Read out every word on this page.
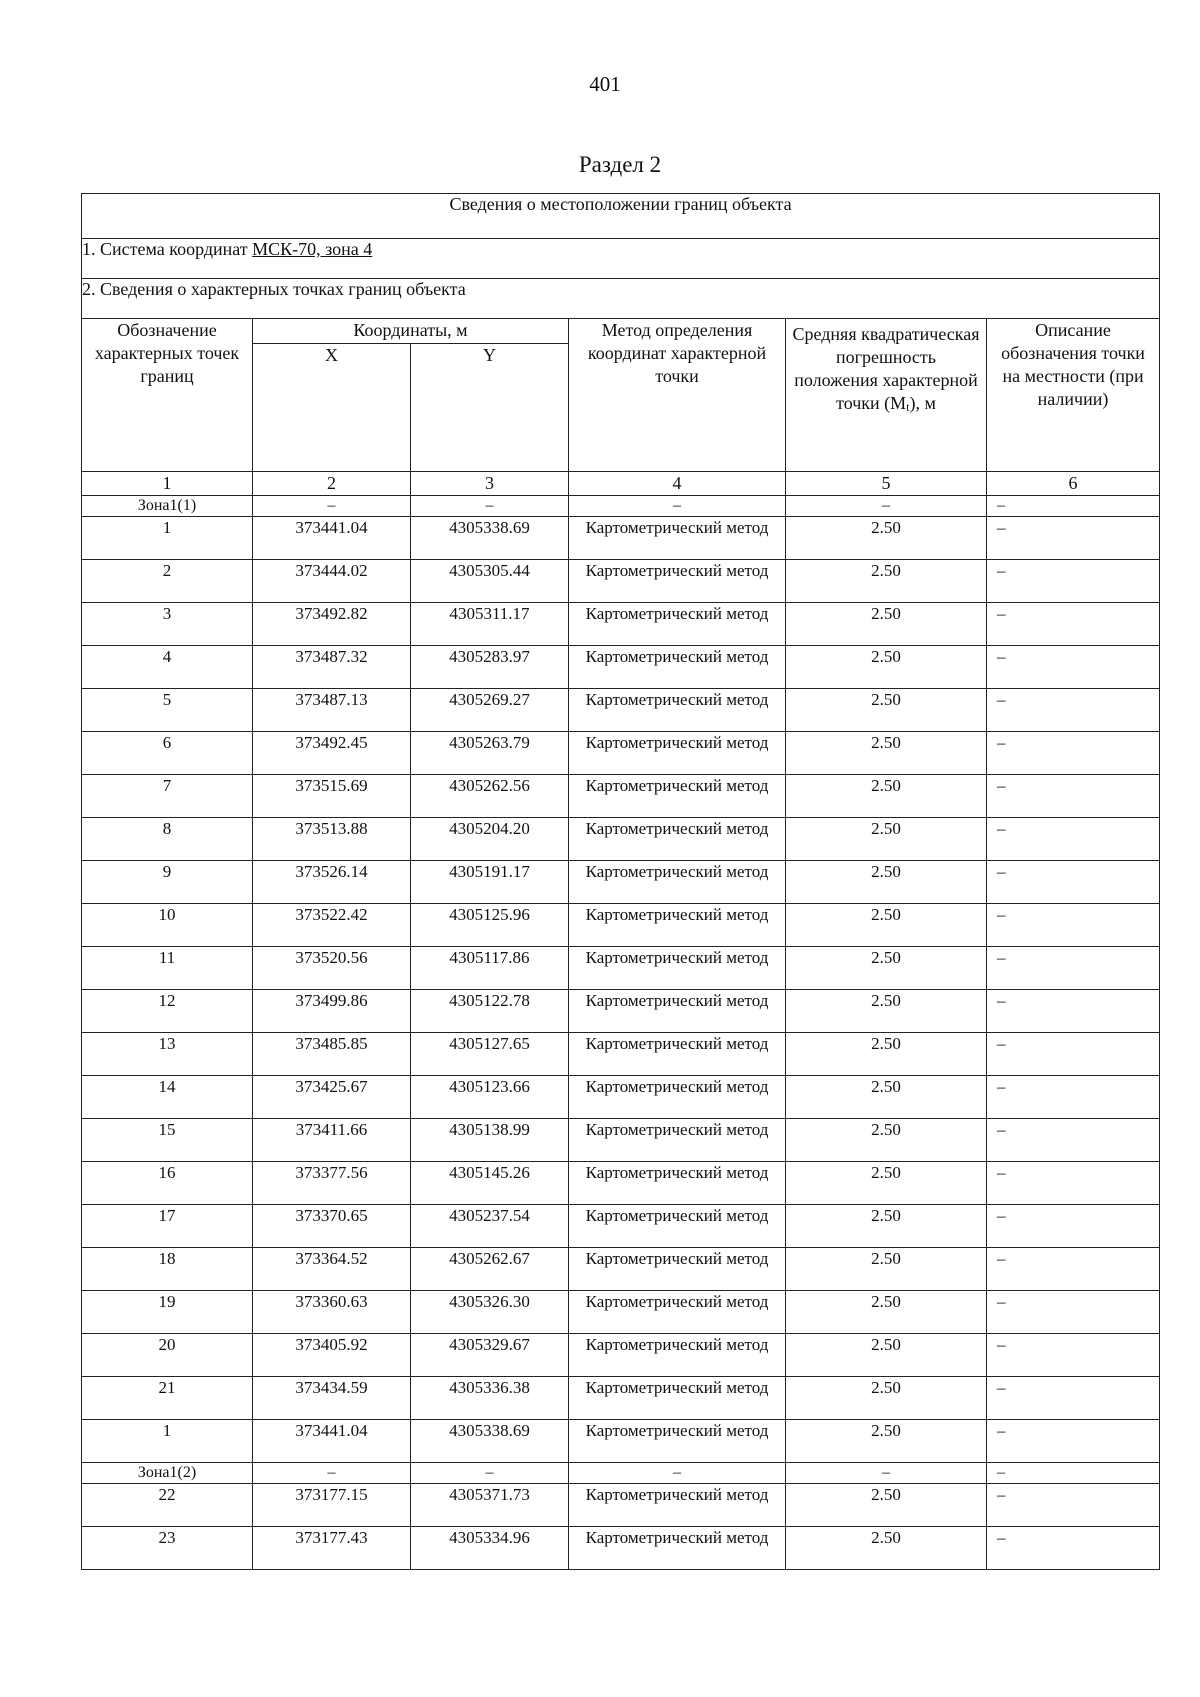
401
Раздел 2
Сведения о местоположении границ объекта					
1. Система координат МСК-70, зона 4					
2. Сведения о характерных точках границ объекта					
Обозначение характерных точек границ	Координаты, м		Метод определения координат характерной точки	Средняя квадратическая погрешность положения характерной точки (Mt), м	Описание обозначения точки на местности (при наличии)
	X	Y			
1	2	3	4	5	6
Зона1(1)	–	–	–	–	–
1	373441.04	4305338.69	Картометрический метод	2.50	–
2	373444.02	4305305.44	Картометрический метод	2.50	–
3	373492.82	4305311.17	Картометрический метод	2.50	–
4	373487.32	4305283.97	Картометрический метод	2.50	–
5	373487.13	4305269.27	Картометрический метод	2.50	–
6	373492.45	4305263.79	Картометрический метод	2.50	–
7	373515.69	4305262.56	Картометрический метод	2.50	–
8	373513.88	4305204.20	Картометрический метод	2.50	–
9	373526.14	4305191.17	Картометрический метод	2.50	–
10	373522.42	4305125.96	Картометрический метод	2.50	–
11	373520.56	4305117.86	Картометрический метод	2.50	–
12	373499.86	4305122.78	Картометрический метод	2.50	–
13	373485.85	4305127.65	Картометрический метод	2.50	–
14	373425.67	4305123.66	Картометрический метод	2.50	–
15	373411.66	4305138.99	Картометрический метод	2.50	–
16	373377.56	4305145.26	Картометрический метод	2.50	–
17	373370.65	4305237.54	Картометрический метод	2.50	–
18	373364.52	4305262.67	Картометрический метод	2.50	–
19	373360.63	4305326.30	Картометрический метод	2.50	–
20	373405.92	4305329.67	Картометрический метод	2.50	–
21	373434.59	4305336.38	Картометрический метод	2.50	–
1	373441.04	4305338.69	Картометрический метод	2.50	–
Зона1(2)	–	–	–	–	–
22	373177.15	4305371.73	Картометрический метод	2.50	–
23	373177.43	4305334.96	Картометрический метод	2.50	–
